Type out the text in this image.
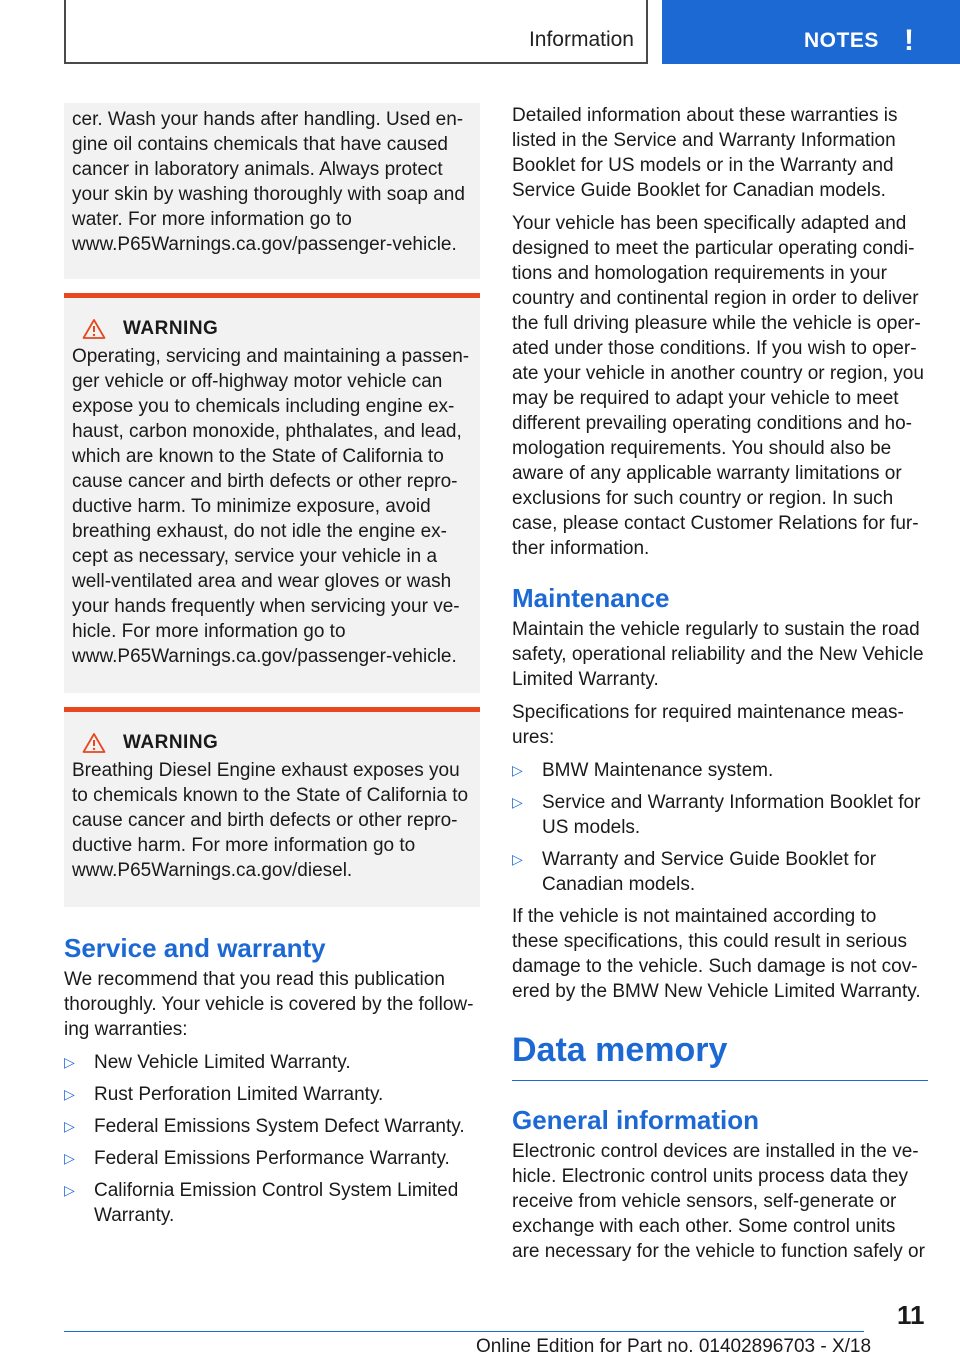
Information	NOTES !

cer. Wash your hands after handling. Used en‐ gine oil contains chemicals that have caused cancer in laboratory animals. Always protect your skin by washing thoroughly with soap and water. For more information go to www.P65Warnings.ca.gov/passenger-vehicle.

WARNING

Operating, servicing and maintaining a passen‐ ger vehicle or off-highway motor vehicle can expose you to chemicals including engine ex‐ haust, carbon monoxide, phthalates, and lead, which are known to the State of California to cause cancer and birth defects or other repro‐ ductive harm. To minimize exposure, avoid breathing exhaust, do not idle the engine ex‐ cept as necessary, service your vehicle in a well-ventilated area and wear gloves or wash your hands frequently when servicing your ve‐ hicle. For more information go to www.P65Warnings.ca.gov/passenger-vehicle.

WARNING

Breathing Diesel Engine exhaust exposes you to chemicals known to the State of California to cause cancer and birth defects or other repro‐ ductive harm. For more information go to www.P65Warnings.ca.gov/diesel.

Service and warranty

We recommend that you read this publication thoroughly. Your vehicle is covered by the follow‐ ing warranties:

▷ New Vehicle Limited Warranty.
▷ Rust Perforation Limited Warranty.
▷ Federal Emissions System Defect Warranty.
▷ Federal Emissions Performance Warranty.
▷ California Emission Control System Limited Warranty.

Detailed information about these warranties is listed in the Service and Warranty Information Booklet for US models or in the Warranty and Service Guide Booklet for Canadian models.

Your vehicle has been specifically adapted and designed to meet the particular operating condi‐ tions and homologation requirements in your country and continental region in order to deliver the full driving pleasure while the vehicle is oper‐ ated under those conditions. If you wish to oper‐ ate your vehicle in another country or region, you may be required to adapt your vehicle to meet different prevailing operating conditions and ho‐ mologation requirements. You should also be aware of any applicable warranty limitations or exclusions for such country or region. In such case, please contact Customer Relations for fur‐ ther information.

Maintenance

Maintain the vehicle regularly to sustain the road safety, operational reliability and the New Vehicle Limited Warranty.

Specifications for required maintenance meas‐ ures:

▷ BMW Maintenance system.
▷ Service and Warranty Information Booklet for US models.
▷ Warranty and Service Guide Booklet for Canadian models.

If the vehicle is not maintained according to these specifications, this could result in serious damage to the vehicle. Such damage is not cov‐ ered by the BMW New Vehicle Limited Warranty.

Data memory
General information

Electronic control devices are installed in the ve‐ hicle. Electronic control units process data they receive from vehicle sensors, self-generate or exchange with each other. Some control units are necessary for the vehicle to function safely or

11
Online Edition for Part no. 01402896703 - X/18
